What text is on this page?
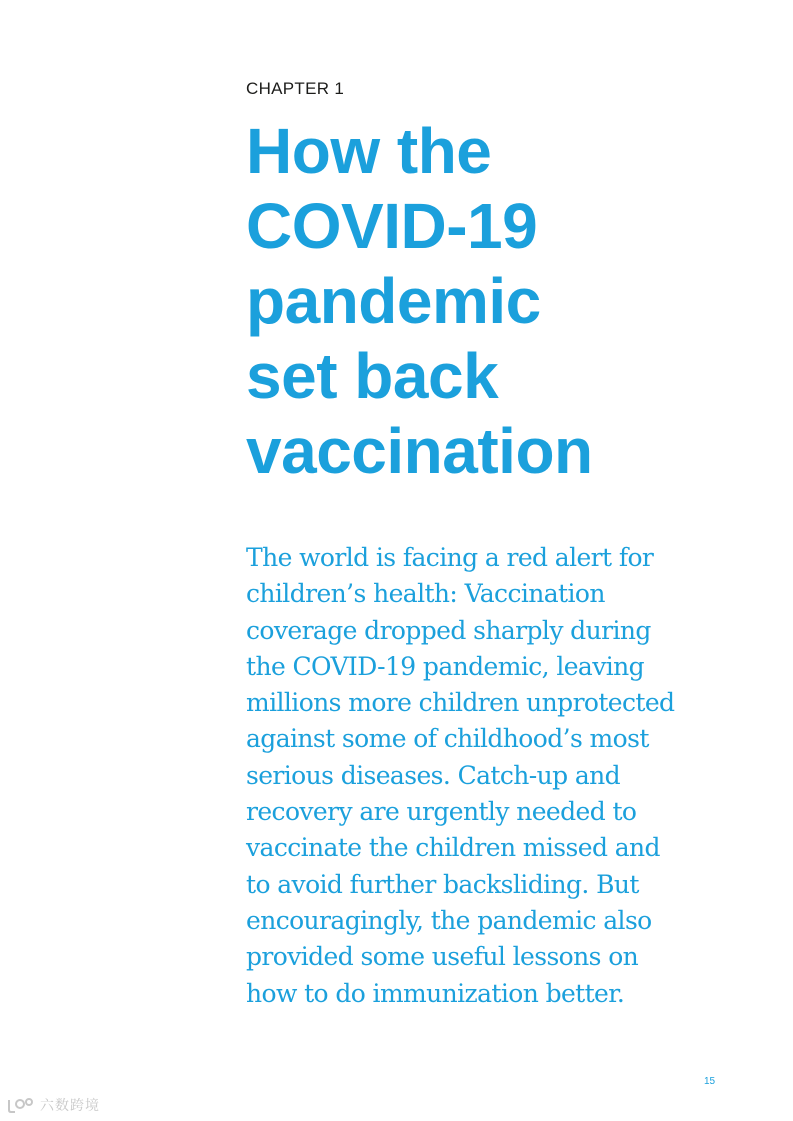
CHAPTER 1

How the
COVID-19
pandemic
set back
vaccination

The world is facing a red alert for
children’s health: Vaccination
coverage dropped sharply during
the COVID-19 pandemic, leaving
millions more children unprotected
against some of childhood’s most
serious diseases. Catch-up and
recovery are urgently needed to
vaccinate the children missed and
to avoid further backsliding. But
encouragingly, the pandemic also
provided some useful lessons on
how to do immunization better.

15
六数跨境
